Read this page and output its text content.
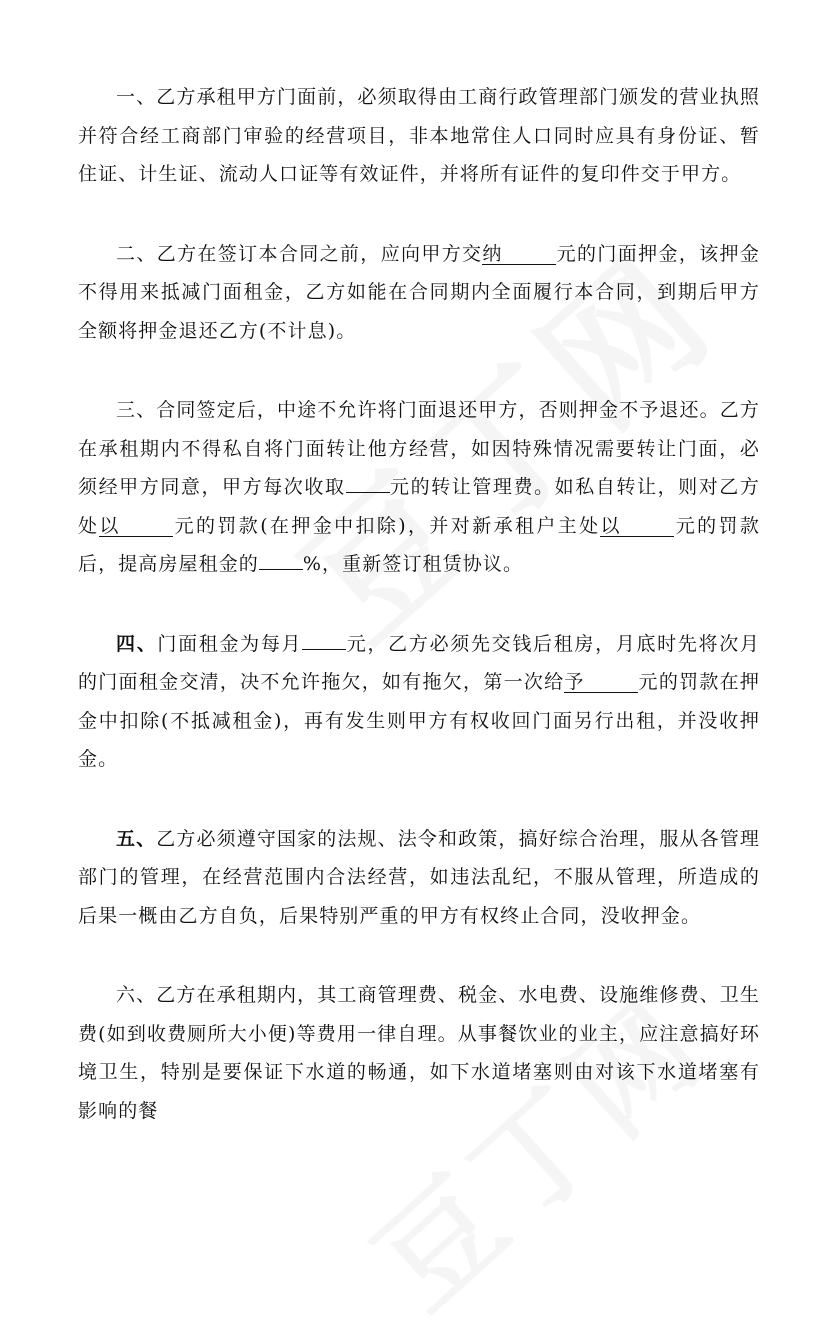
一、乙方承租甲方门面前，必须取得由工商行政管理部门颁发的营业执照并符合经工商部门审验的经营项目，非本地常住人口同时应具有身份证、暂住证、计生证、流动人口证等有效证件，并将所有证件的复印件交于甲方。

二、乙方在签订本合同之前，应向甲方交纳	元的门面押金，该押金不得用来抵减门面租金，乙方如能在合同期内全面履行本合同，到期后甲方全额将押金退还乙方(不计息)。

三、合同签定后，中途不允许将门面退还甲方，否则押金不予退还。乙方在承租期内不得私自将门面转让他方经营，如因特殊情况需要转让门面，必须经甲方同意，甲方每次收取 元的转让管理费。如私自转让，则对乙方处以	元的罚款(在押金中扣除)，并对新承租户主处以	元的罚款后，提高房屋租金的 %，重新签订租赁协议。

四、门面租金为每月 元，乙方必须先交钱后租房，月底时先将次月的门面租金交清，决不允许拖欠，如有拖欠，第一次给予	元的罚款在押金中扣除(不抵减租金)，再有发生则甲方有权收回门面另行出租，并没收押金。

五、乙方必须遵守国家的法规、法令和政策，搞好综合治理，服从各管理部门的管理，在经营范围内合法经营，如违法乱纪，不服从管理，所造成的后果一概由乙方自负，后果特别严重的甲方有权终止合同，没收押金。

六、乙方在承租期内，其工商管理费、税金、水电费、设施维修费、卫生费(如到收费厕所大小便)等费用一律自理。从事餐饮业的业主，应注意搞好环境卫生，特别是要保证下水道的畅通，如下水道堵塞则由对该下水道堵塞有影响的餐
